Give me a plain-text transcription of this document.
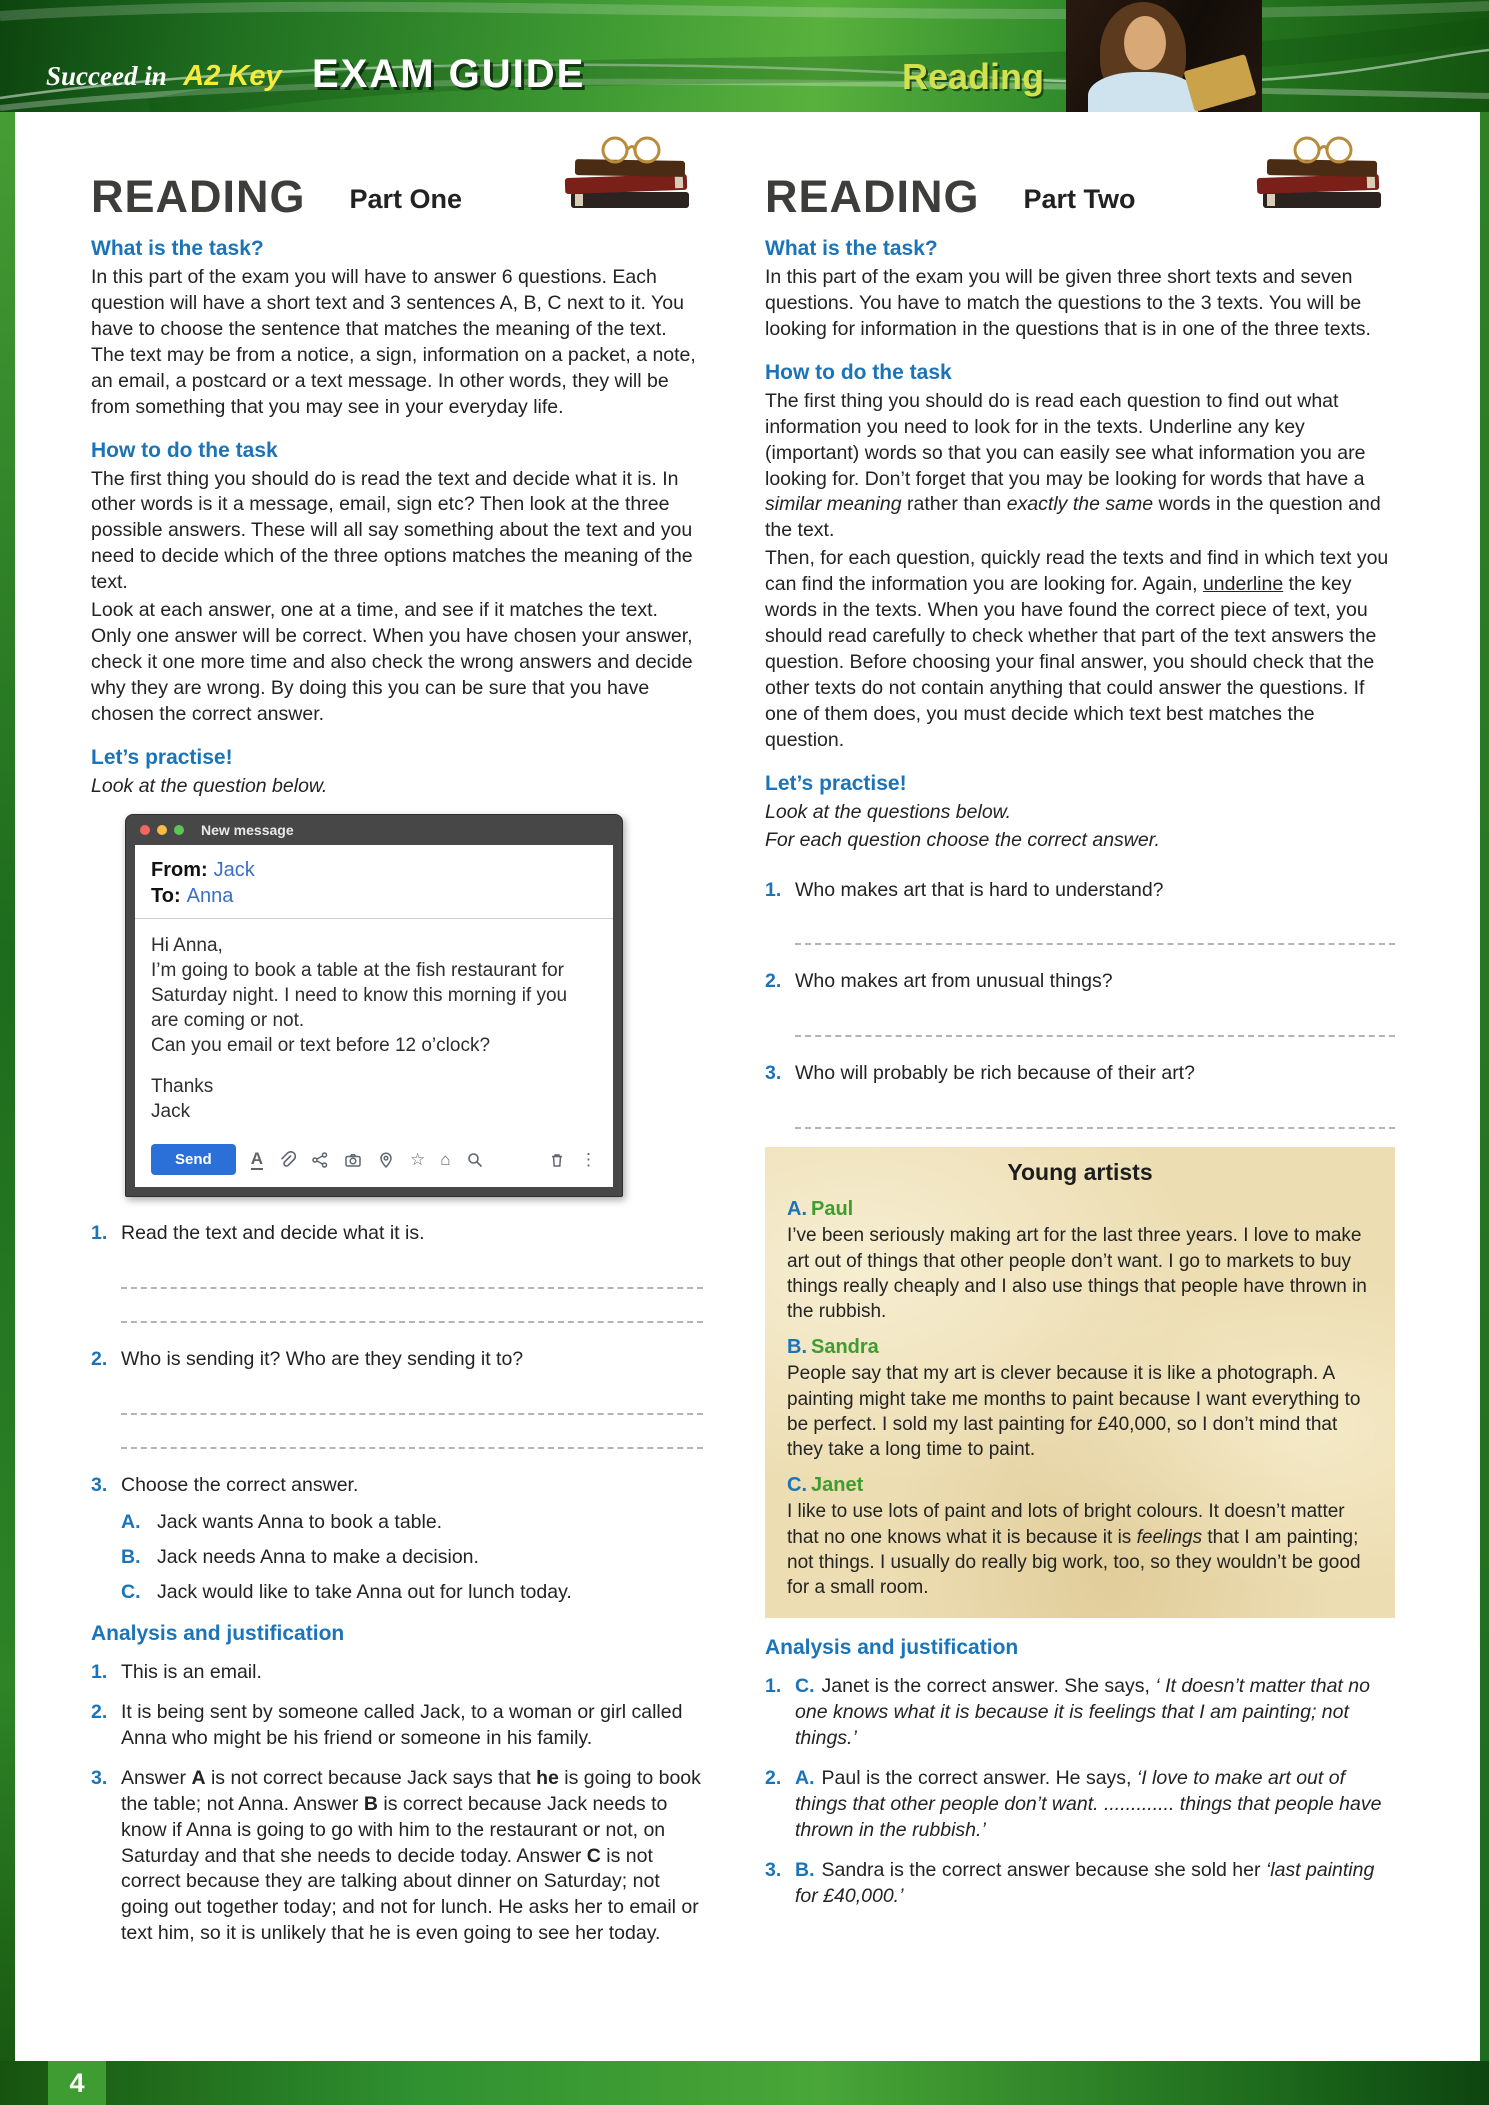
Succeed in A2 Key EXAM GUIDE	Reading
READING Part One
What is the task?

In this part of the exam you will have to answer 6 questions. Each question will have a short text and 3 sentences A, B, C next to it. You have to choose the sentence that matches the meaning of the text. The text may be from a notice, a sign, information on a packet, a note, an email, a postcard or a text message. In other words, they will be from something that you may see in your everyday life.

How to do the task

The first thing you should do is read the text and decide what it is. In other words is it a message, email, sign etc? Then look at the three possible answers. These will all say something about the text and you need to decide which of the three options matches the meaning of the text.

Look at each answer, one at a time, and see if it matches the text. Only one answer will be correct. When you have chosen your answer, check it one more time and also check the wrong answers and decide why they are wrong. By doing this you can be sure that you have chosen the correct answer.

Let’s practise!

Look at the question below.

New message
From: Jack
To: Anna

Hi Anna,

I’m going to book a table at the fish restaurant for Saturday night. I need to know this morning if you are coming or not.

Can you email or text before 12 o’clock?

Thanks

Jack

Send	A	☆ ⌂	⋮
1. Read the text and decide what it is.
2. Who is sending it? Who are they sending it to?
3. Choose the correct answer.
A. Jack wants Anna to book a table.
B. Jack needs Anna to make a decision.
C. Jack would like to take Anna out for lunch today.
Analysis and justification
1. This is an email.
2. It is being sent by someone called Jack, to a woman or girl called Anna who might be his friend or someone in his family.
3. Answer A is not correct because Jack says that he is going to book the table; not Anna. Answer B is correct because Jack needs to know if Anna is going to go with him to the restaurant or not, on Saturday and that she needs to decide today. Answer C is not correct because they are talking about dinner on Saturday; not going out together today; and not for lunch. He asks her to email or text him, so it is unlikely that he is even going to see her today.
READING Part Two
What is the task?

In this part of the exam you will be given three short texts and seven questions. You have to match the questions to the 3 texts. You will be looking for information in the questions that is in one of the three texts.

How to do the task

The first thing you should do is read each question to find out what information you need to look for in the texts. Underline any key (important) words so that you can easily see what information you are looking for. Don’t forget that you may be looking for words that have a similar meaning rather than exactly the same words in the question and the text.

Then, for each question, quickly read the texts and find in which text you can find the information you are looking for. Again, underline the key words in the texts. When you have found the correct piece of text, you should read carefully to check whether that part of the text answers the question. Before choosing your final answer, you should check that the other texts do not contain anything that could answer the questions. If one of them does, you must decide which text best matches the question.

Let’s practise!

Look at the questions below.

For each question choose the correct answer.

1. Who makes art that is hard to understand?
2. Who makes art from unusual things?
3. Who will probably be rich because of their art?
Young artists
A. Paul

I’ve been seriously making art for the last three years. I love to make art out of things that other people don’t want. I go to markets to buy things really cheaply and I also use things that people have thrown in the rubbish.

B. Sandra

People say that my art is clever because it is like a photograph. A painting might take me months to paint because I want everything to be perfect. I sold my last painting for £40,000, so I don’t mind that they take a long time to paint.

C. Janet

I like to use lots of paint and lots of bright colours. It doesn’t matter that no one knows what it is because it is feelings that I am painting; not things. I usually do really big work, too, so they wouldn’t be good for a small room.

Analysis and justification
1. C. Janet is the correct answer. She says, ‘ It doesn’t matter that no one knows what it is because it is feelings that I am painting; not things.’
2. A. Paul is the correct answer. He says, ‘I love to make art out of things that other people don’t want. ............. things that people have thrown in the rubbish.’
3. B. Sandra is the correct answer because she sold her ‘last painting for £40,000.’
4
